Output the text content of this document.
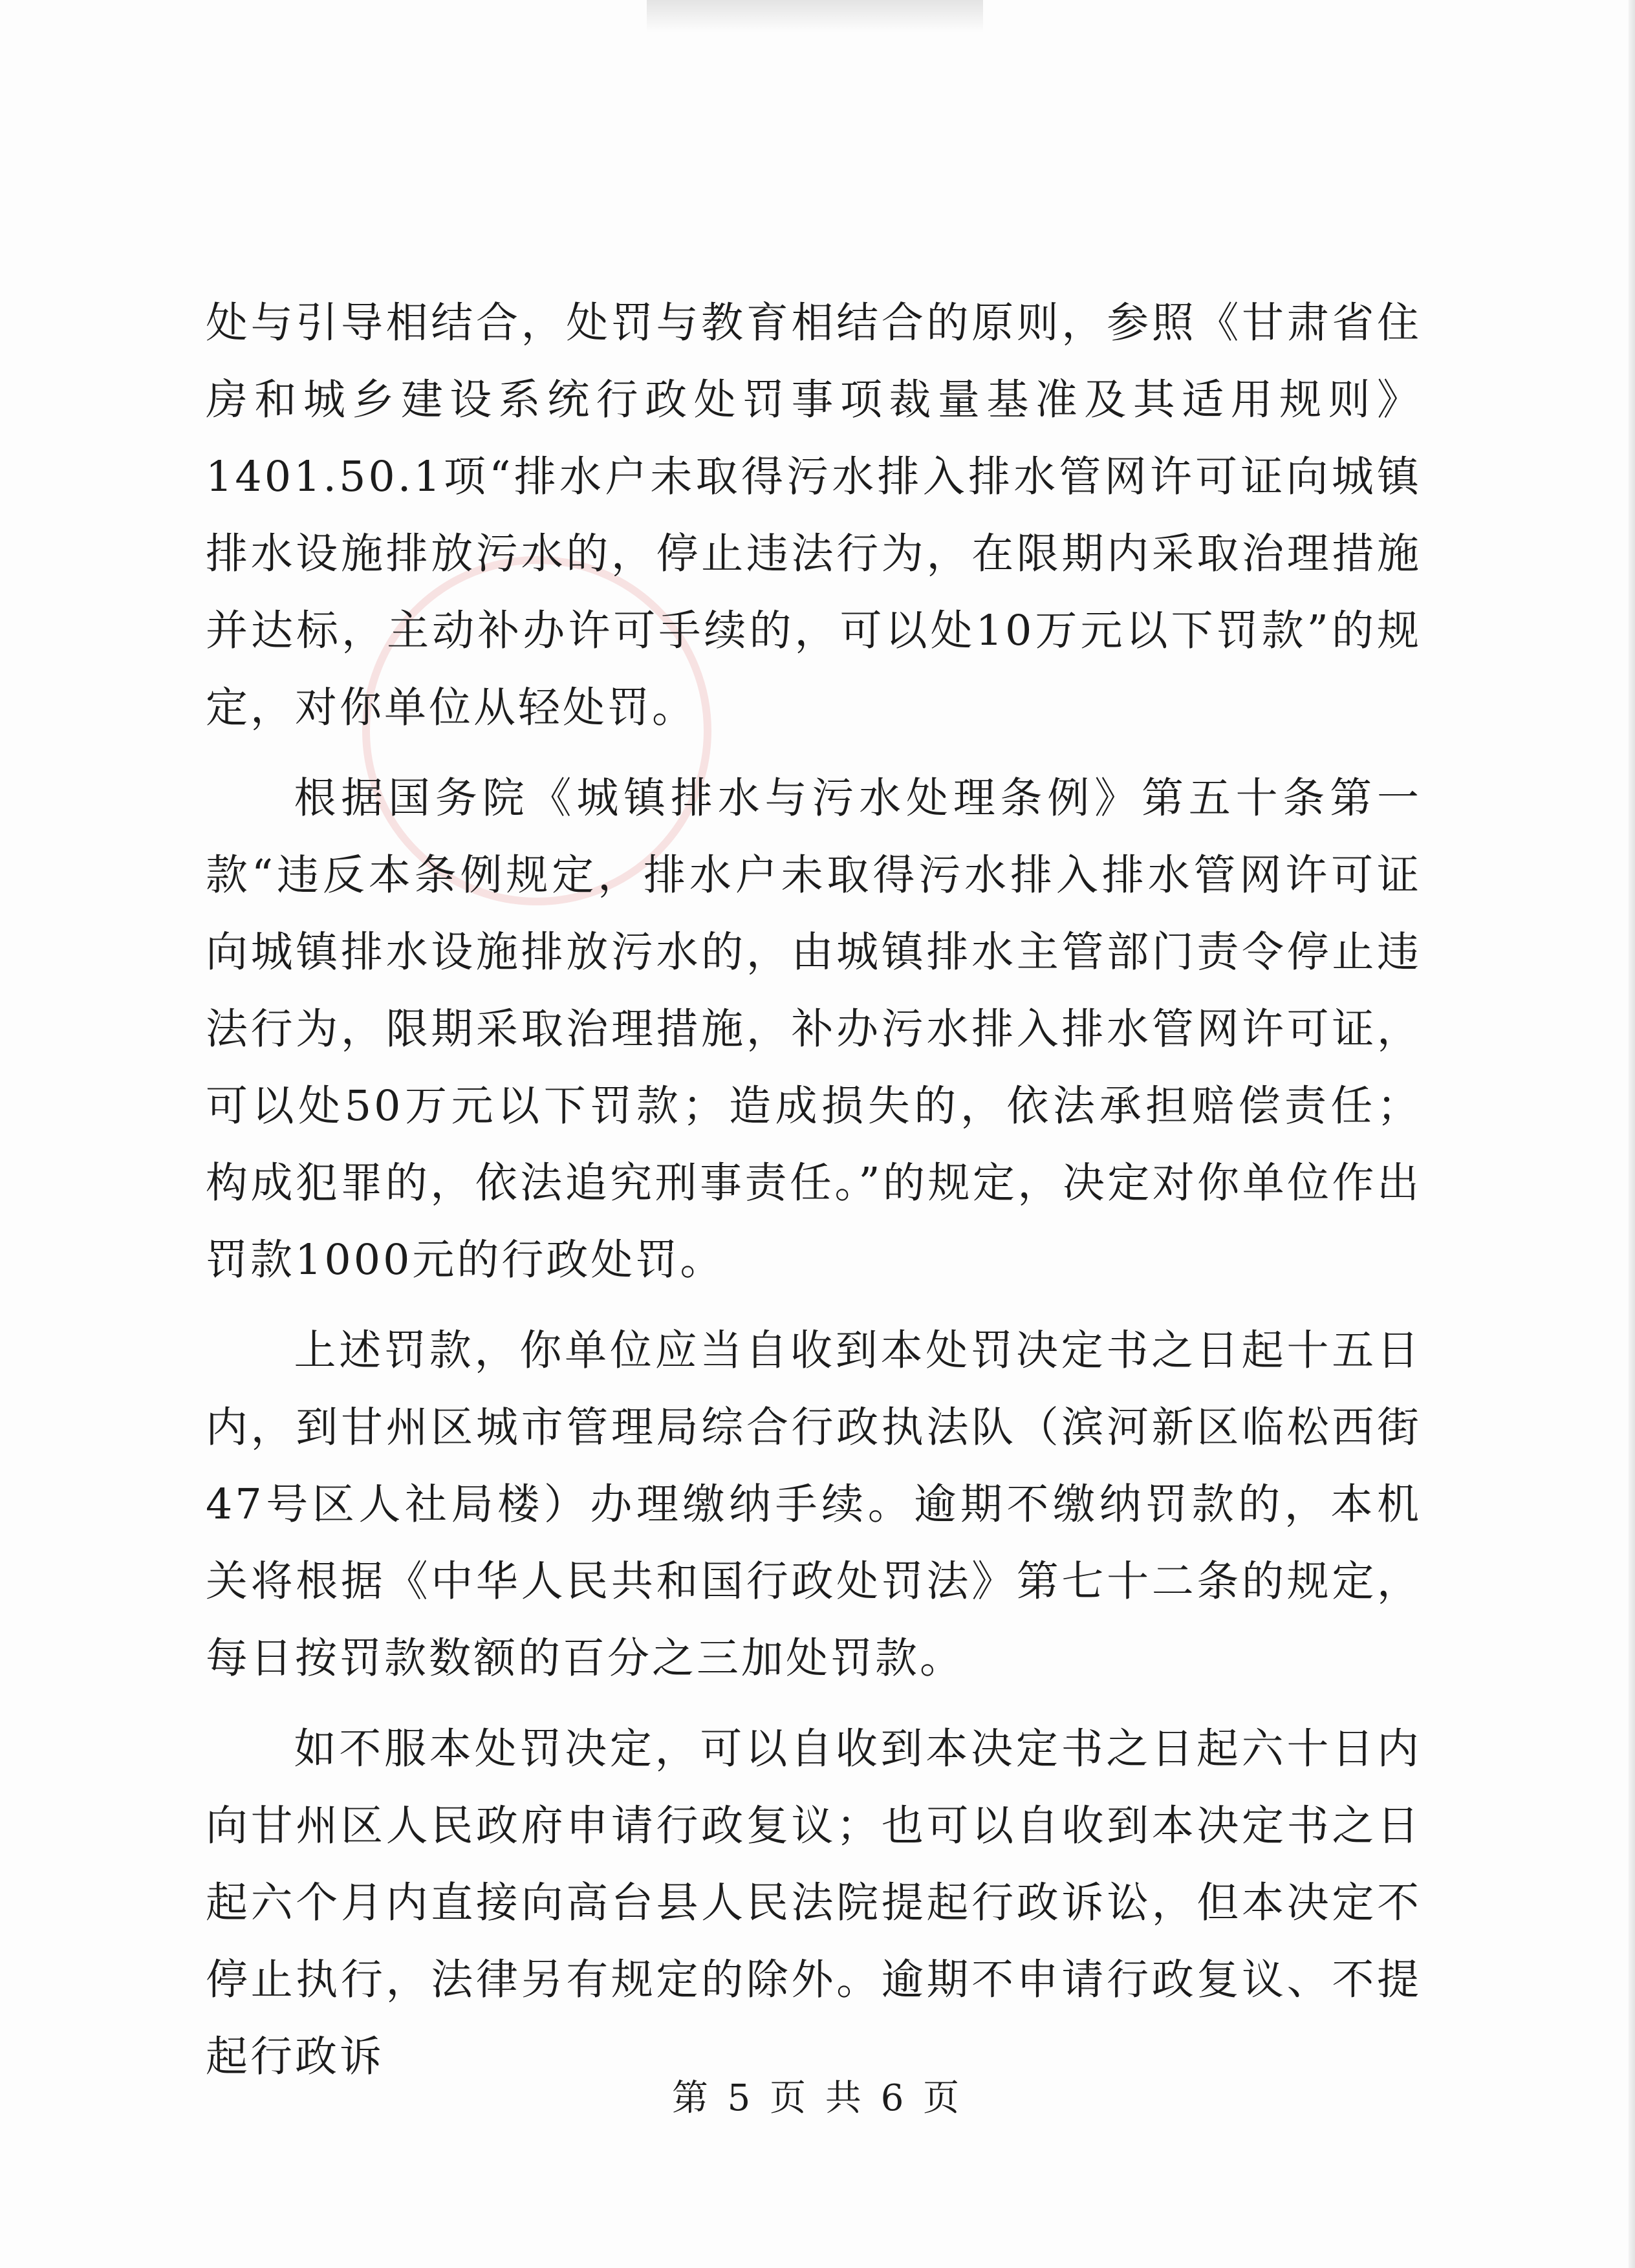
处与引导相结合，处罚与教育相结合的原则，参照《甘肃省住房和城乡建设系统行政处罚事项裁量基准及其适用规则》1401.50.1项“排水户未取得污水排入排水管网许可证向城镇排水设施排放污水的，停止违法行为，在限期内采取治理措施并达标，主动补办许可手续的，可以处10万元以下罚款”的规定，对你单位从轻处罚。

根据国务院《城镇排水与污水处理条例》第五十条第一款“违反本条例规定，排水户未取得污水排入排水管网许可证向城镇排水设施排放污水的，由城镇排水主管部门责令停止违法行为，限期采取治理措施，补办污水排入排水管网许可证，可以处50万元以下罚款；造成损失的，依法承担赔偿责任；构成犯罪的，依法追究刑事责任。”的规定，决定对你单位作出罚款1000元的行政处罚。

上述罚款，你单位应当自收到本处罚决定书之日起十五日内，到甘州区城市管理局综合行政执法队（滨河新区临松西街47号区人社局楼）办理缴纳手续。逾期不缴纳罚款的，本机关将根据《中华人民共和国行政处罚法》第七十二条的规定，每日按罚款数额的百分之三加处罚款。

如不服本处罚决定，可以自收到本决定书之日起六十日内向甘州区人民政府申请行政复议；也可以自收到本决定书之日起六个月内直接向高台县人民法院提起行政诉讼，但本决定不停止执行，法律另有规定的除外。逾期不申请行政复议、不提起行政诉

第 5 页 共 6 页
